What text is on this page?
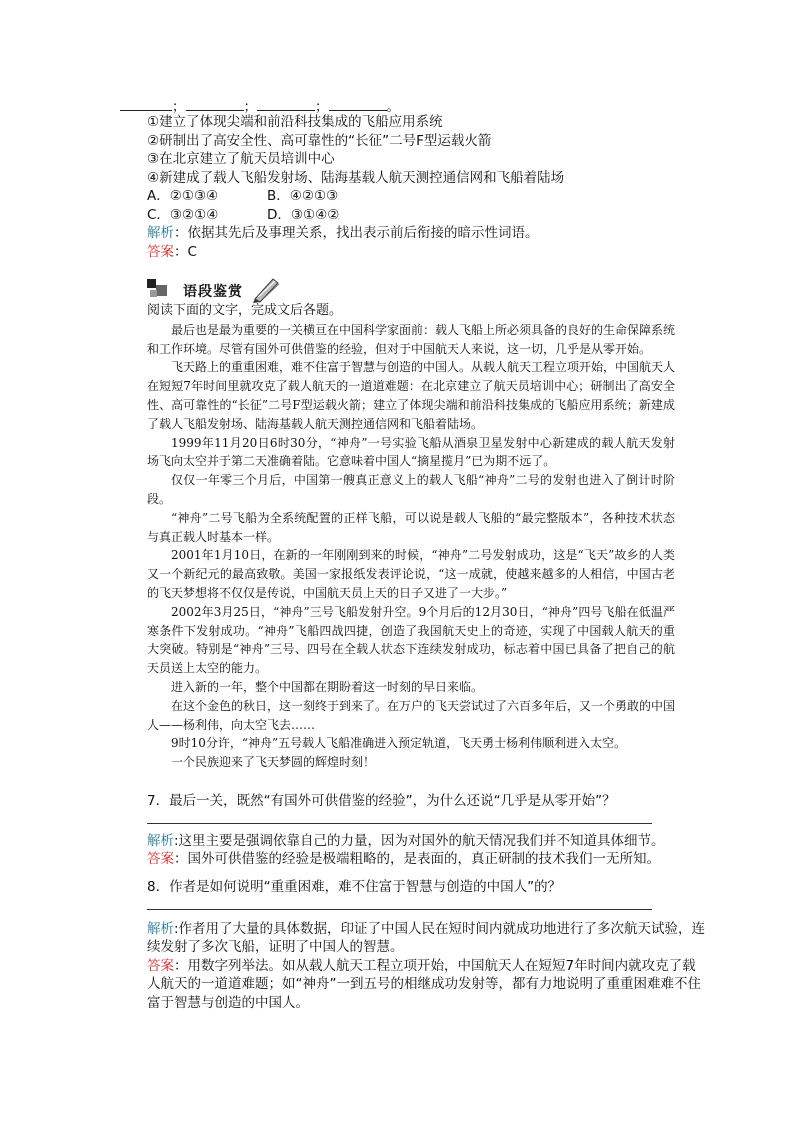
；	；	；	。
①建立了体现尖端和前沿科技集成的飞船应用系统
②研制出了高安全性、高可靠性的“长征”二号F型运载火箭
③在北京建立了航天员培训中心
④新建成了载人飞船发射场、陆海基载人航天测控通信网和飞船着陆场
A．②①③④	B．④②①③
C．③②①④	D．③①④②
解析：依据其先后及事理关系，找出表示前后衔接的暗示性词语。
答案：C
语段鉴赏

阅读下面的文字，完成文后各题。

最后也是最为重要的一关横亘在中国科学家面前：载人飞船上所必须具备的良好的生命保障系统和工作环境。尽管有国外可供借鉴的经验，但对于中国航天人来说，这一切，几乎是从零开始。

飞天路上的重重困难，难不住富于智慧与创造的中国人。从载人航天工程立项开始，中国航天人在短短7年时间里就攻克了载人航天的一道道难题：在北京建立了航天员培训中心；研制出了高安全性、高可靠性的“长征”二号F型运载火箭；建立了体现尖端和前沿科技集成的飞船应用系统；新建成了载人飞船发射场、陆海基载人航天测控通信网和飞船着陆场。

1999年11月20日6时30分，“神舟”一号实验飞船从酒泉卫星发射中心新建成的载人航天发射场飞向太空并于第二天准确着陆。它意味着中国人“摘星揽月”已为期不远了。

仅仅一年零三个月后，中国第一艘真正意义上的载人飞船“神舟”二号的发射也进入了倒计时阶段。

“神舟”二号飞船为全系统配置的正样飞船，可以说是载人飞船的“最完整版本”，各种技术状态与真正载人时基本一样。

2001年1月10日，在新的一年刚刚到来的时候，“神舟”二号发射成功，这是“飞天”故乡的人类又一个新纪元的最高致敬。美国一家报纸发表评论说，“这一成就，使越来越多的人相信，中国古老的飞天梦想将不仅仅是传说，中国航天员上天的日子又进了一大步。”

2002年3月25日，“神舟”三号飞船发射升空。9个月后的12月30日，“神舟”四号飞船在低温严寒条件下发射成功。“神舟”飞船四战四捷，创造了我国航天史上的奇迹，实现了中国载人航天的重大突破。特别是“神舟”三号、四号在全载人状态下连续发射成功，标志着中国已具备了把自己的航天员送上太空的能力。

进入新的一年，整个中国都在期盼着这一时刻的早日来临。

在这个金色的秋日，这一刻终于到来了。在万户的飞天尝试过了六百多年后，又一个勇敢的中国人——杨利伟，向太空飞去……

9时10分许，“神舟”五号载人飞船准确进入预定轨道，飞天勇士杨利伟顺利进入太空。

一个民族迎来了飞天梦圆的辉煌时刻！

7．最后一关，既然“有国外可供借鉴的经验”，为什么还说“几乎是从零开始”？

解析:这里主要是强调依靠自己的力量，因为对国外的航天情况我们并不知道具体细节。

答案：国外可供借鉴的经验是极端粗略的，是表面的，真正研制的技术我们一无所知。

8．作者是如何说明“重重困难，难不住富于智慧与创造的中国人”的？

解析:作者用了大量的具体数据，印证了中国人民在短时间内就成功地进行了多次航天试验，连续发射了多次飞船，证明了中国人的智慧。

答案：用数字列举法。如从载人航天工程立项开始，中国航天人在短短7年时间内就攻克了载人航天的一道道难题；如“神舟”一到五号的相继成功发射等，都有力地说明了重重困难难不住富于智慧与创造的中国人。
